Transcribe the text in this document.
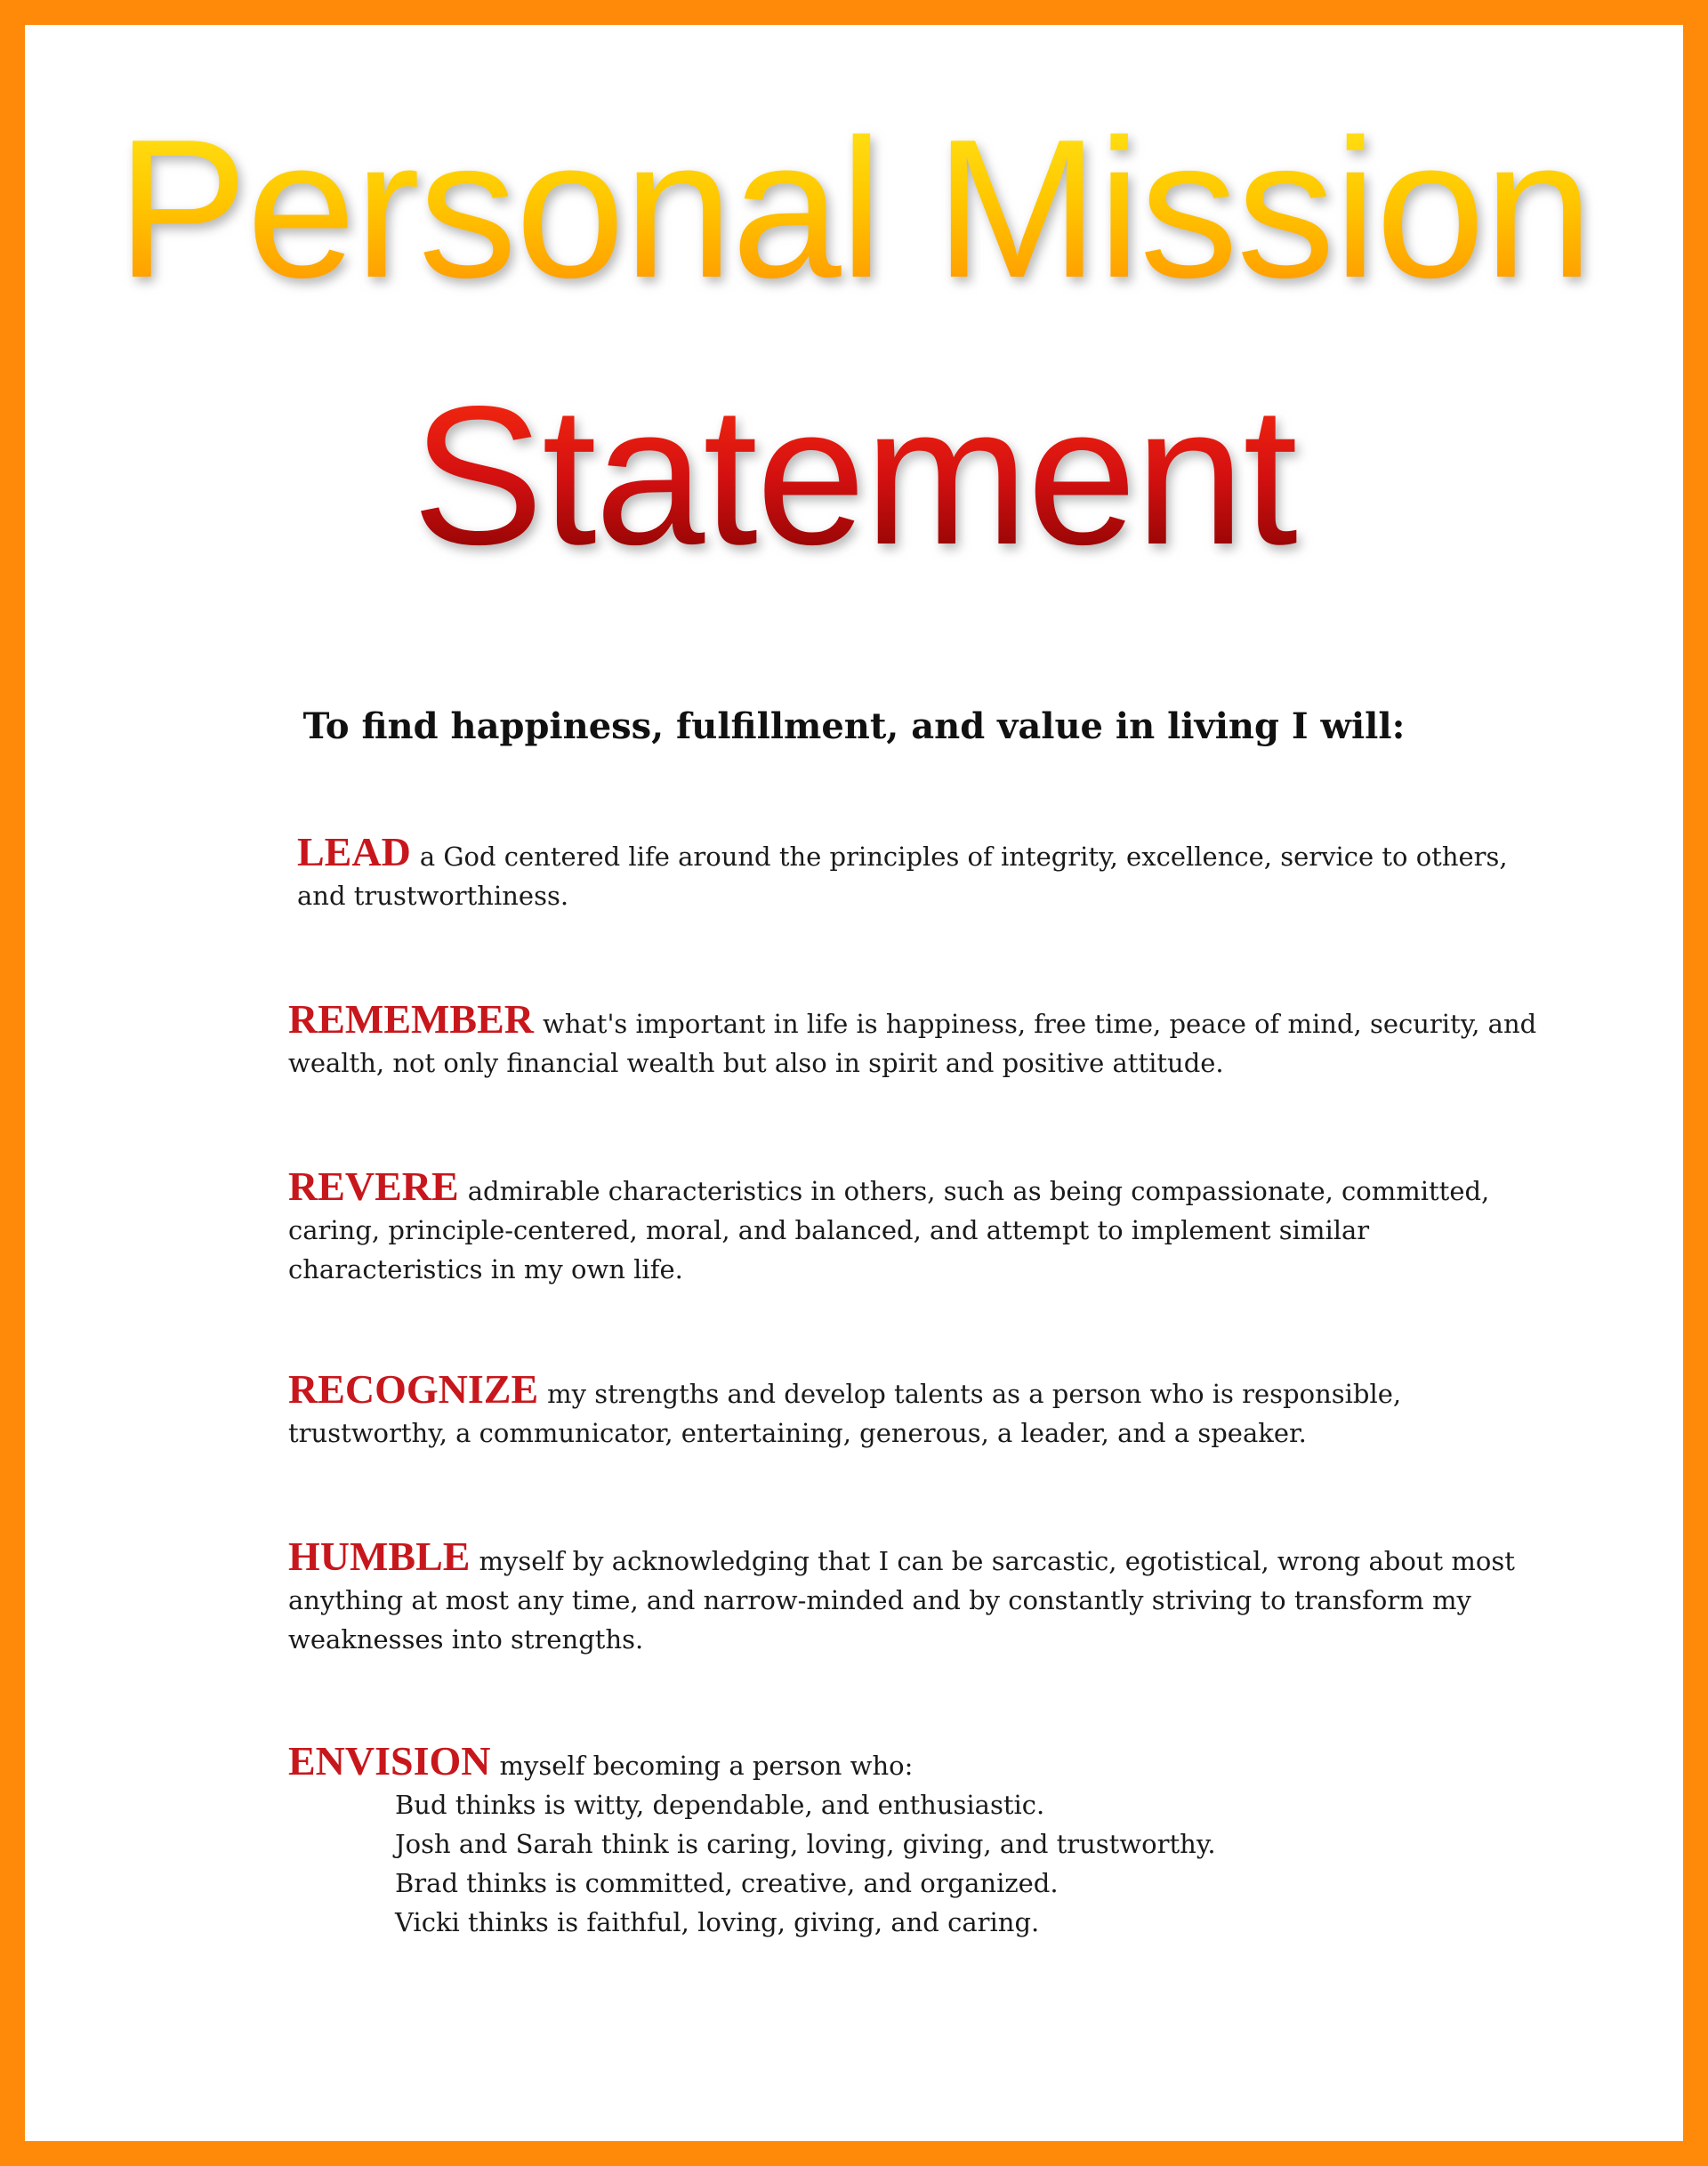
Personal Mission
Statement

To find happiness, fulfillment, and value in living I will:

LEAD a God centered life around the principles of integrity, excellence, service to others, and trustworthiness.

REMEMBER what's important in life is happiness, free time, peace of mind, security, and wealth, not only financial wealth but also in spirit and positive attitude.

REVERE admirable characteristics in others, such as being compassionate, committed, caring, principle-centered, moral, and balanced, and attempt to implement similar characteristics in my own life.

RECOGNIZE my strengths and develop talents as a person who is responsible, trustworthy, a communicator, entertaining, generous, a leader, and a speaker.

HUMBLE myself by acknowledging that I can be sarcastic, egotistical, wrong about most anything at most any time, and narrow-minded and by constantly striving to transform my weaknesses into strengths.

ENVISION myself becoming a person who:

Bud thinks is witty, dependable, and enthusiastic.
Josh and Sarah think is caring, loving, giving, and trustworthy.
Brad thinks is committed, creative, and organized.
Vicki thinks is faithful, loving, giving, and caring.
